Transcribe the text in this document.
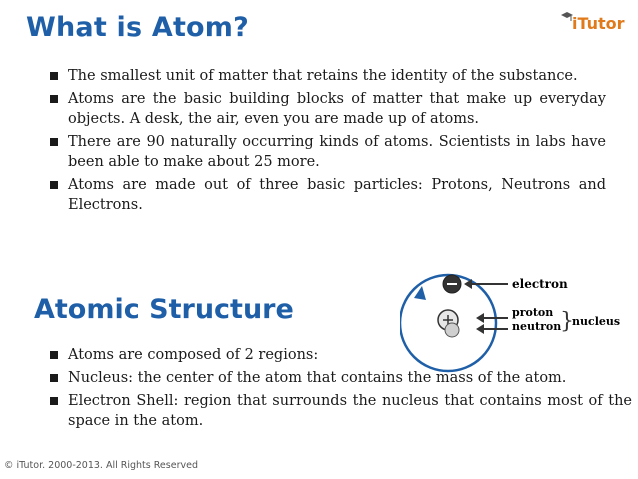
What is Atom?	iTutor
The smallest unit of matter that retains the identity of the substance.
Atoms are the basic building blocks of matter that make up everyday objects. A desk, the air, even you are made up of atoms.
There are 90 naturally occurring kinds of atoms. Scientists in labs have been able to make about 25 more.
Atoms are made out of three basic particles: Protons, Neutrons and Electrons.
Atomic Structure
electron
proton
neutron
}
nucleus
Atoms are composed of 2 regions:
Nucleus: the center of the atom that contains the mass of the atom.
Electron Shell: region that surrounds the nucleus that contains most of the space in the atom.
© iTutor. 2000-2013. All Rights Reserved
